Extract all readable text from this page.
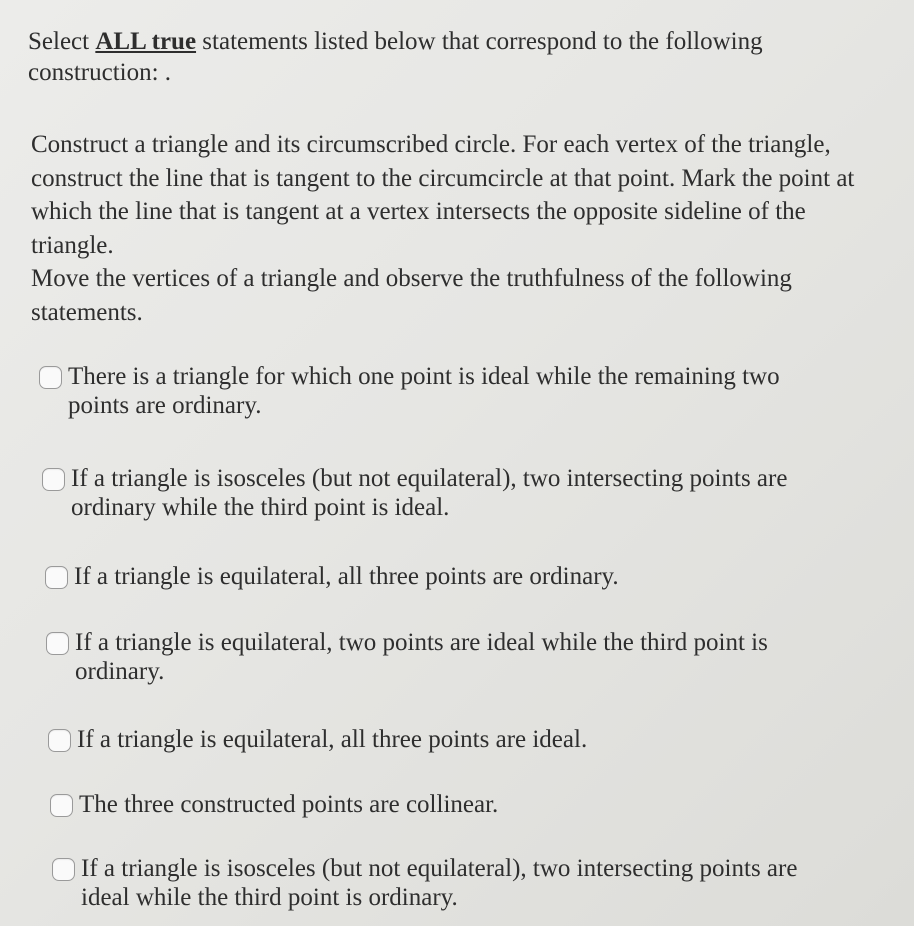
Select ALL true statements listed below that correspond to the following construction: .

Construct a triangle and its circumscribed circle. For each vertex of the triangle, construct the line that is tangent to the circumcircle at that point. Mark the point at which the line that is tangent at a vertex intersects the opposite sideline of the triangle.

Move the vertices of a triangle and observe the truthfulness of the following statements.

There is a triangle for which one point is ideal while the remaining two points are ordinary.
If a triangle is isosceles (but not equilateral), two intersecting points are ordinary while the third point is ideal.
If a triangle is equilateral, all three points are ordinary.
If a triangle is equilateral, two points are ideal while the third point is ordinary.
If a triangle is equilateral, all three points are ideal.
The three constructed points are collinear.
If a triangle is isosceles (but not equilateral), two intersecting points are ideal while the third point is ordinary.
